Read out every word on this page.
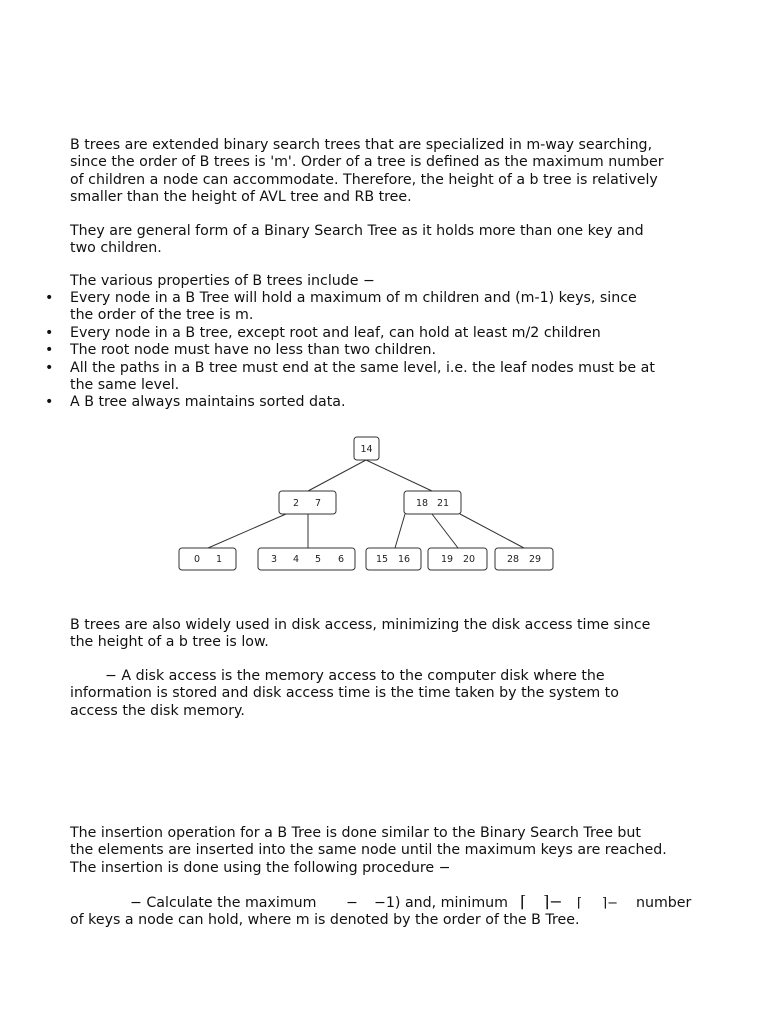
B trees are extended binary search trees that are specialized in m-way searching,
since the order of B trees is 'm'. Order of a tree is defined as the maximum number
of children a node can accommodate. Therefore, the height of a b tree is relatively
smaller than the height of AVL tree and RB tree.
They are general form of a Binary Search Tree as it holds more than one key and
two children.
The various properties of B trees include −
• Every node in a B Tree will hold a maximum of m children and (m-1) keys, since
the order of the tree is m.
• Every node in a B tree, except root and leaf, can hold at least m/2 children
• The root node must have no less than two children.
• All the paths in a B tree must end at the same level, i.e. the leaf nodes must be at
the same level.
• A B tree always maintains sorted data.
14
2 7	18 21
0 1	3 4 5 6	15 16	19 20	28 29
B trees are also widely used in disk access, minimizing the disk access time since
the height of a b tree is low.
− A disk access is the memory access to the computer disk where the
information is stored and disk access time is the time taken by the system to
access the disk memory.
The insertion operation for a B Tree is done similar to the Binary Search Tree but
the elements are inserted into the same node until the maximum keys are reached.
The insertion is done using the following procedure −
− Calculate the maximum − −1) and, minimum ⌈ ⌉− ⌈ ⌉− number
of keys a node can hold, where m is denoted by the order of the B Tree.
